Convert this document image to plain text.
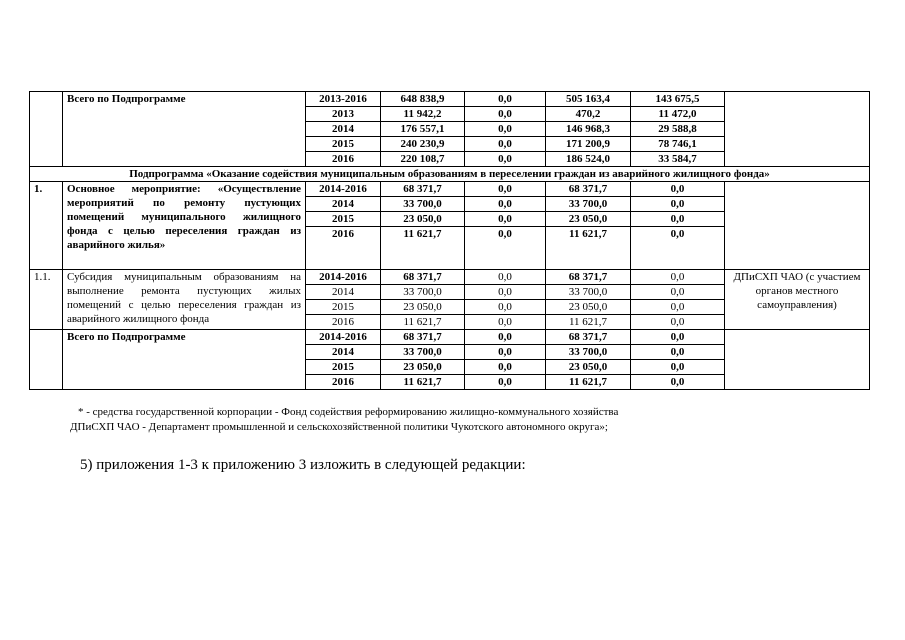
	Всего по Подпрограмме	2013-2016	648 838,9	0,0	505 163,4	143 675,5	
		2013	11 942,2	0,0	470,2	11 472,0	
		2014	176 557,1	0,0	146 968,3	29 588,8	
		2015	240 230,9	0,0	171 200,9	78 746,1	
		2016	220 108,7	0,0	186 524,0	33 584,7	
Подпрограмма «Оказание содействия муниципальным образованиям в переселении граждан из аварийного жилищного фонда»							
1.	Основное мероприятие: «Осуществление мероприятий по ремонту пустующих помещений муниципального жилищного фонда с целью переселения граждан из аварийного жилья»	2014-2016	68 371,7	0,0	68 371,7	0,0	
		2014	33 700,0	0,0	33 700,0	0,0	
		2015	23 050,0	0,0	23 050,0	0,0	
		2016	11 621,7	0,0	11 621,7	0,0	
1.1.	Субсидия муниципальным образованиям на выполнение ремонта пустующих жилых помещений с целью переселения граждан из аварийного жилищного фонда	2014-2016	68 371,7	0,0	68 371,7	0,0	ДПиСХП ЧАО (с участием органов местного самоуправления)
		2014	33 700,0	0,0	33 700,0	0,0	
		2015	23 050,0	0,0	23 050,0	0,0	
		2016	11 621,7	0,0	11 621,7	0,0	
	Всего по Подпрограмме	2014-2016	68 371,7	0,0	68 371,7	0,0	
		2014	33 700,0	0,0	33 700,0	0,0	
		2015	23 050,0	0,0	23 050,0	0,0	
		2016	11 621,7	0,0	11 621,7	0,0	
* - средства государственной корпорации - Фонд содействия реформированию жилищно-коммунального хозяйства
ДПиСХП ЧАО - Департамент промышленной и сельскохозяйственной политики Чукотского автономного округа»;
5) приложения 1-3 к приложению 3 изложить в следующей редакции:
